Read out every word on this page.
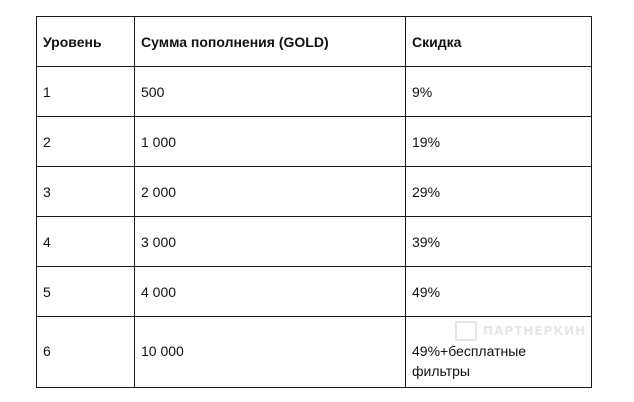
Уровень	Сумма пополнения (GOLD)	Скидка
1	500	9%
2	1 000	19%
3	2 000	29%
4	3 000	39%
5	4 000	49%
6	10 000	49%+бесплатные фильтры
ПАРТНЕРКИН
